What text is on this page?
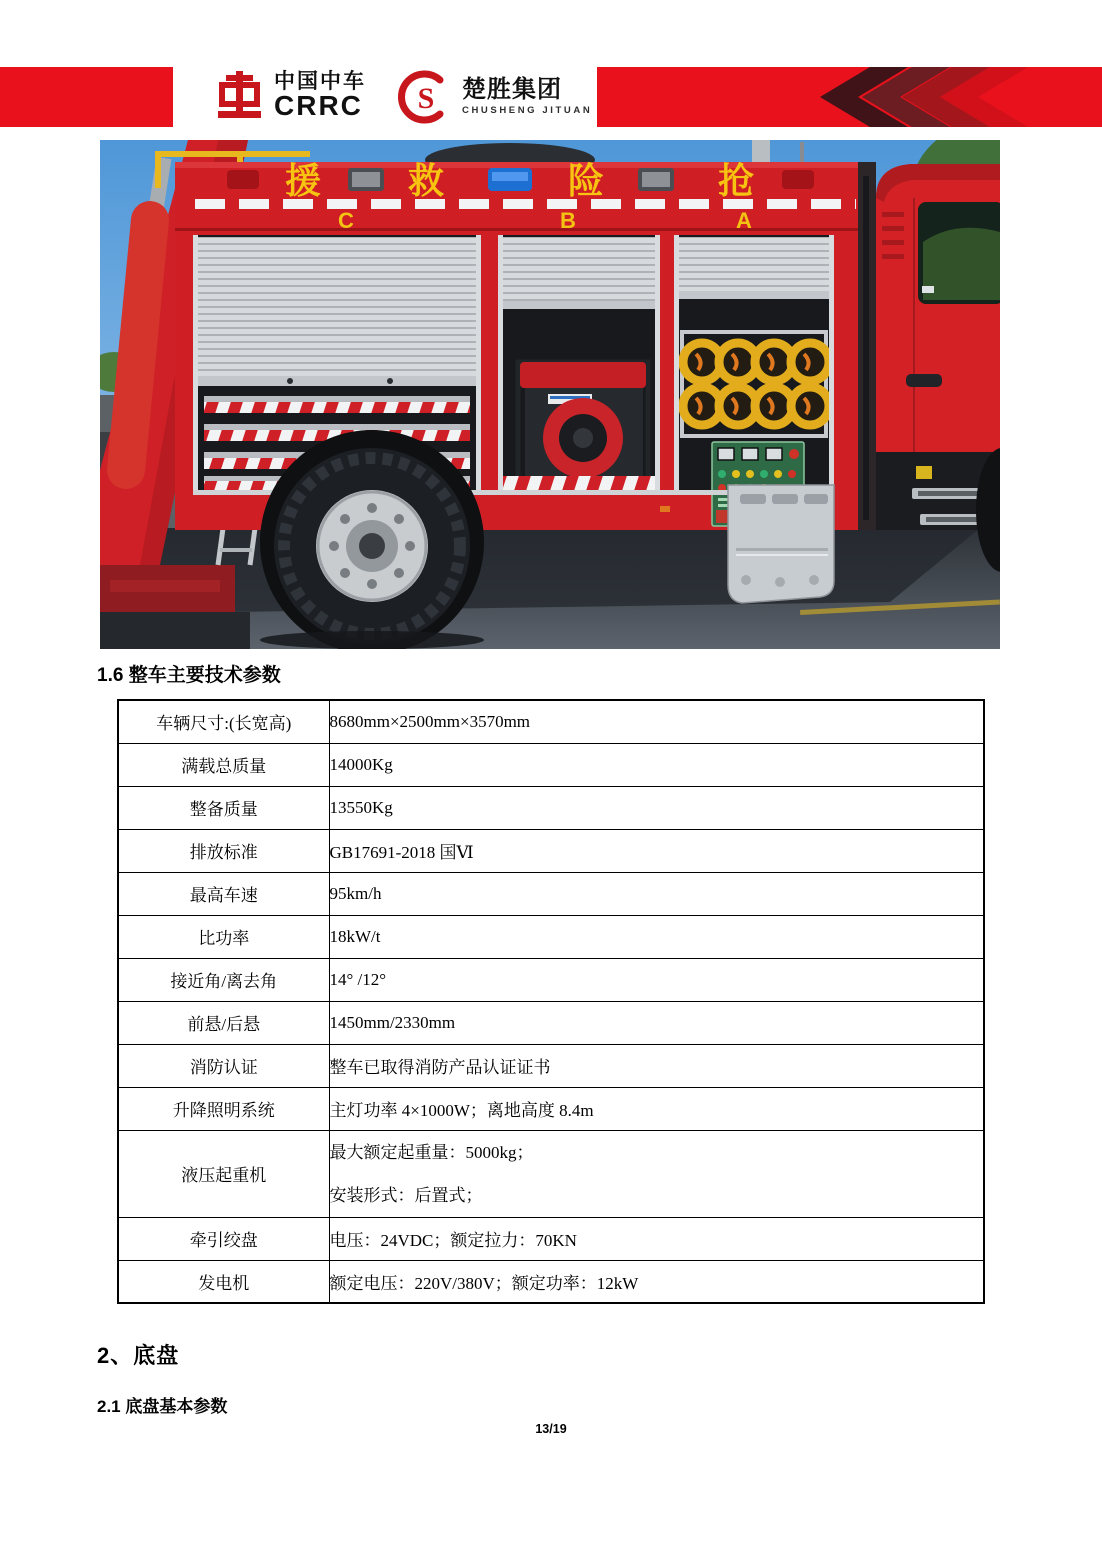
中国中车
CRRC S 楚胜集团
CHUSHENG JITUAN
援 救	险	抢
C	B	A
1.6 整车主要技术参数
车辆尺寸:(长宽高)	8680mm×2500mm×3570mm
满载总质量	14000Kg
整备质量	13550Kg
排放标准	GB17691-2018 国Ⅵ
最高车速	95km/h
比功率	18kW/t
接近角/离去角	14° /12°
前悬/后悬	1450mm/2330mm
消防认证	整车已取得消防产品认证证书
升降照明系统	主灯功率 4×1000W；离地高度 8.4m
液压起重机	最大额定起重量：5000kg；
安装形式：后置式；

牵引绞盘	电压：24VDC；额定拉力：70KN
发电机	额定电压：220V/380V；额定功率：12kW
2、底盘
2.1 底盘基本参数
13/19
